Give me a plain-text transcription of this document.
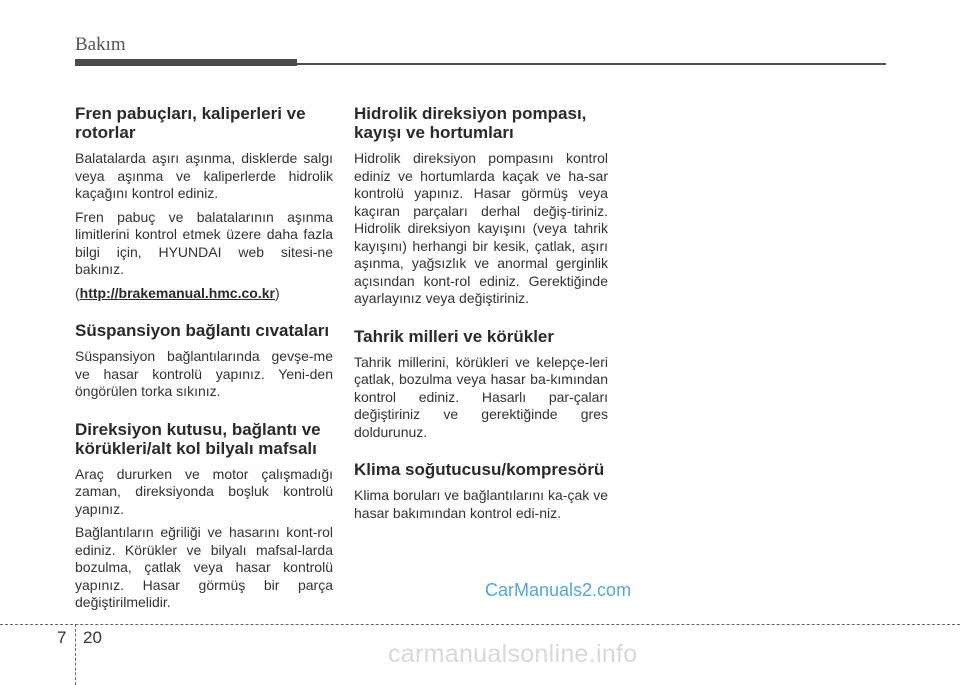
Bakım
Fren pabuçları, kaliperleri ve rotorlar

Balatalarda aşırı aşınma, disklerde salgı veya aşınma ve kaliperlerde hidrolik kaçağını kontrol ediniz.

Fren pabuç ve balatalarının aşınma limitlerini kontrol etmek üzere daha fazla bilgi için, HYUNDAI web sitesi-ne bakınız.

(http://brakemanual.hmc.co.kr)

Süspansiyon bağlantı cıvataları

Süspansiyon bağlantılarında gevşe-me ve hasar kontrolü yapınız. Yeni-den öngörülen torka sıkınız.

Direksiyon kutusu, bağlantı ve körükleri/alt kol bilyalı mafsalı

Araç dururken ve motor çalışmadığı zaman, direksiyonda boşluk kontrolü yapınız.

Bağlantıların eğriliği ve hasarını kont-rol ediniz. Körükler ve bilyalı mafsal-larda bozulma, çatlak veya hasar kontrolü yapınız. Hasar görmüş bir parça değiştirilmelidir.

Hidrolik direksiyon pompası, kayışı ve hortumları

Hidrolik direksiyon pompasını kontrol ediniz ve hortumlarda kaçak ve ha-sar kontrolü yapınız. Hasar görmüş veya kaçıran parçaları derhal değiş-tiriniz. Hidrolik direksiyon kayışını (veya tahrik kayışını) herhangi bir kesik, çatlak, aşırı aşınma, yağsızlık ve anormal gerginlik açısından kont-rol ediniz. Gerektiğinde ayarlayınız veya değiştiriniz.

Tahrik milleri ve körükler

Tahrik millerini, körükleri ve kelepçe-leri çatlak, bozulma veya hasar ba-kımından kontrol ediniz. Hasarlı par-çaları değiştiriniz ve gerektiğinde gres doldurunuz.

Klima soğutucusu/kompresörü

Klima boruları ve bağlantılarını ka-çak ve hasar bakımından kontrol edi-niz.

CarManuals2.com
7 20
carmanualsonline.info
